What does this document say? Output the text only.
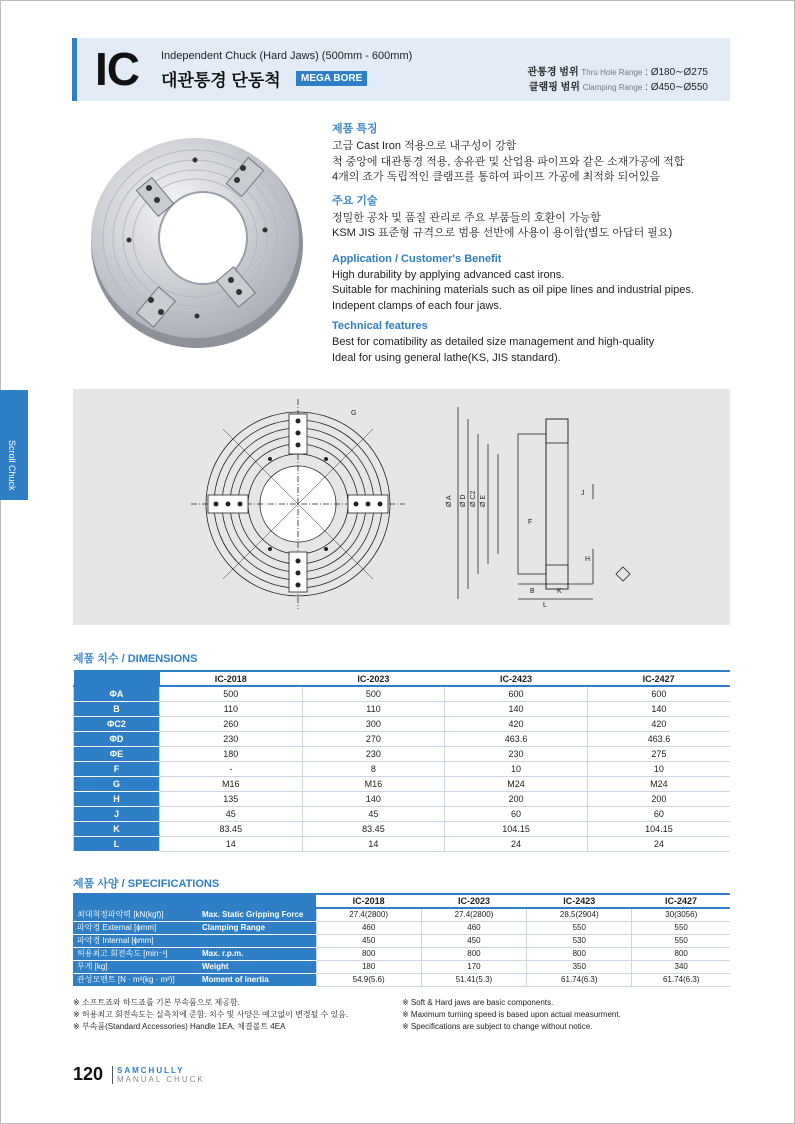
IC Independent Chuck (Hard Jaws) (500mm - 600mm)
대관통경 단동척	MEGA BORE
관통경 범위 Thru Hole Range : Ø180∼Ø275
클램핑 범위 Clamping Range : Ø450∼Ø550
Scroll Chuck
제품 특징

고급 Cast Iron 적용으로 내구성이 강함

척 중앙에 대관통경 적용, 송유관 및 산업용 파이프와 같은 소재가공에 적합

4개의 죠가 독립적인 클램프를 통하여 파이프 가공에 최적화 되어있음

주요 기술

정밀한 공차 및 품질 관리로 주요 부품들의 호환이 가능함

KSM JIS 표준형 규격으로 범용 선반에 사용이 용이함(별도 아답터 필요)

Application / Customer's Benefit

High durability by applying advanced cast irons.

Suitable for machining materials such as oil pipe lines and industrial pipes.

Indepent clamps of each four jaws.

Technical features

Best for comatibility as detailed size management and high-quality

Ideal for using general lathe(KS, JIS standard).

G
Ø A Ø D Ø C2 Ø E
F
J
H
B	K
L
제품 치수 / DIMENSIONS
	IC-2018	IC-2023	IC-2423	IC-2427
ΦA	500	500	600	600
B	110	110	140	140
ΦC2	260	300	420	420
ΦD	230	270	463.6	463.6
ΦE	180	230	230	275
F	-	8	10	10
G	M16	M16	M24	M24
H	135	140	200	200
J	45	45	60	60
K	83.45	83.45	104.15	104.15
L	14	14	24	24
제품 사양 / SPECIFICATIONS
	IC-2018	IC-2023	IC-2423	IC-2427
최대척정파악력 [kN(kgf)] Max. Static Gripping Force	27.4(2800)	27.4(2800)	28.5(2904)	30(3056)
파악경 External [ϕmm] Clamping Range	460	460	550	550
파악경 Internal [ϕmm]	450	450	530	550
허용최고 회전속도 [min⁻¹] Max. r.p.m.	800	800	800	800
무게 [kg] Weight	180	170	350	340
관성모멘트 [N · m²(kg · m²)] Moment of inertia	54.9(5.6)	51.41(5.3)	61.74(6.3)	61.74(6.3)
※ 소프트죠와 하드죠를 기본 부속품으로 제공함.
※ 허용최고 회전속도는 실측치에 준함. 치수 및 사양은 예고없이 변경될 수 있음.
※ 부속품(Standard Accessories) Handle 1EA, 체결볼트 4EA
※ Soft & Hard jaws are basic components.
※ Maximum turning speed is based upon actual measurment.
※ Specifications are subject to change without notice.
120 SAMCHULLY
MANUAL CHUCK
